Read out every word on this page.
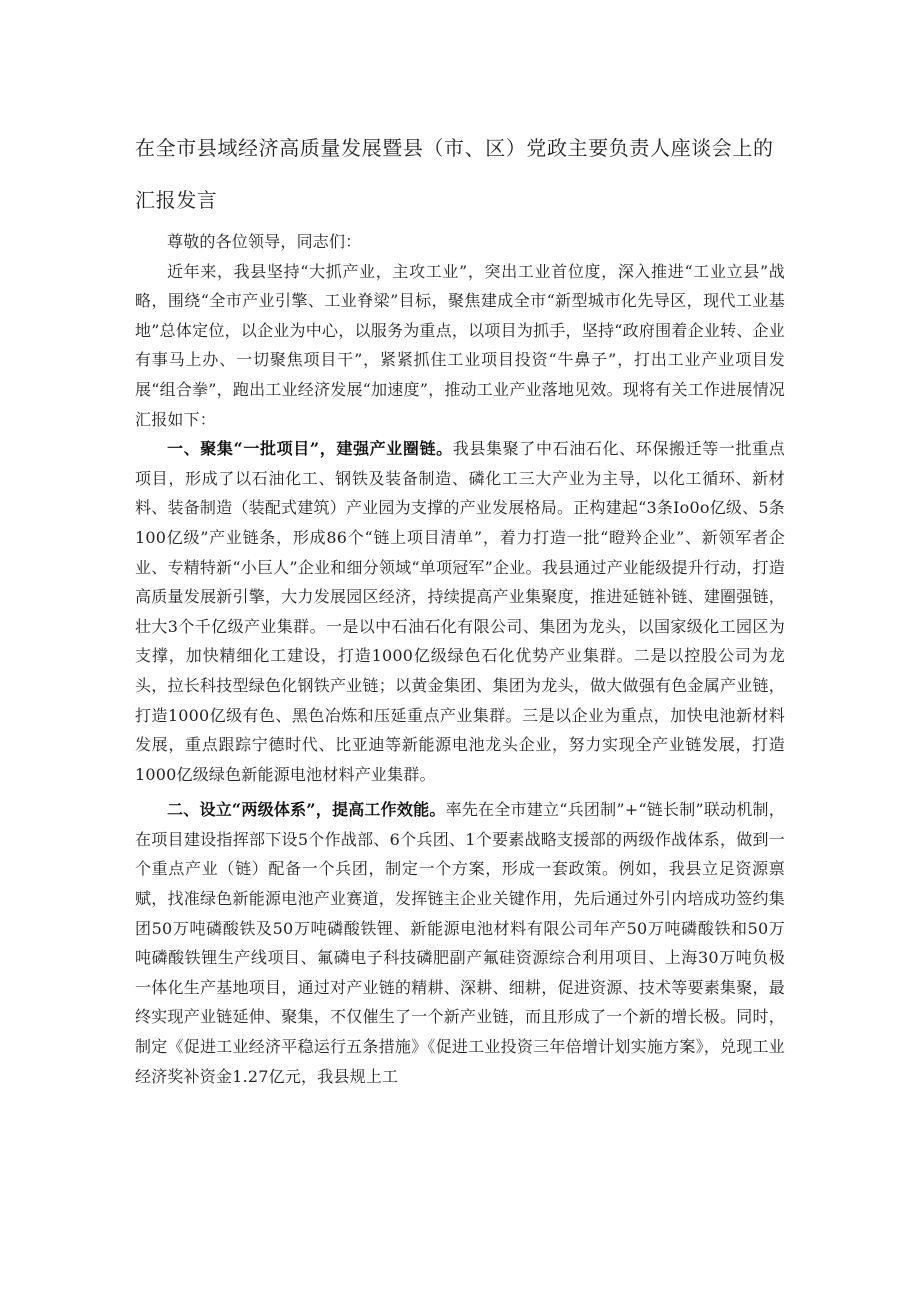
在全市县域经济高质量发展暨县（市、区）党政主要负责人座谈会上的汇报发言

尊敬的各位领导，同志们：

近年来，我县坚持“大抓产业，主攻工业”，突出工业首位度，深入推进“工业立县”战略，围绕“全市产业引擎、工业脊梁”目标，聚焦建成全市“新型城市化先导区，现代工业基地”总体定位，以企业为中心，以服务为重点，以项目为抓手，坚持“政府围着企业转、企业有事马上办、一切聚焦项目干”，紧紧抓住工业项目投资“牛鼻子”，打出工业产业项目发展“组合拳”，跑出工业经济发展“加速度”，推动工业产业落地见效。现将有关工作进展情况汇报如下：

一、聚集“一批项目”，建强产业圈链。我县集聚了中石油石化、环保搬迁等一批重点项目，形成了以石油化工、钢铁及装备制造、磷化工三大产业为主导，以化工循环、新材料、装备制造（装配式建筑）产业园为支撑的产业发展格局。正构建起“3条Io0o亿级、5条100亿级”产业链条，形成86个“链上项目清单”，着力打造一批“瞪羚企业”、新领军者企业、专精特新“小巨人”企业和细分领域“单项冠军”企业。我县通过产业能级提升行动，打造高质量发展新引擎，大力发展园区经济，持续提高产业集聚度，推进延链补链、建圈强链，壮大3个千亿级产业集群。一是以中石油石化有限公司、集团为龙头，以国家级化工园区为支撑，加快精细化工建设，打造1000亿级绿色石化优势产业集群。二是以控股公司为龙头，拉长科技型绿色化钢铁产业链；以黄金集团、集团为龙头，做大做强有色金属产业链，打造1000亿级有色、黑色冶炼和压延重点产业集群。三是以企业为重点，加快电池新材料发展，重点跟踪宁德时代、比亚迪等新能源电池龙头企业，努力实现全产业链发展，打造1000亿级绿色新能源电池材料产业集群。

二、设立“两级体系”，提高工作效能。率先在全市建立“兵团制”+“链长制”联动机制，在项目建设指挥部下设5个作战部、6个兵团、1个要素战略支援部的两级作战体系，做到一个重点产业（链）配备一个兵团，制定一个方案，形成一套政策。例如，我县立足资源禀赋，找准绿色新能源电池产业赛道，发挥链主企业关键作用，先后通过外引内培成功签约集团50万吨磷酸铁及50万吨磷酸铁锂、新能源电池材料有限公司年产50万吨磷酸铁和50万吨磷酸铁锂生产线项目、氟磷电子科技磷肥副产氟硅资源综合利用项目、上海30万吨负极一体化生产基地项目，通过对产业链的精耕、深耕、细耕，促进资源、技术等要素集聚，最终实现产业链延伸、聚集，不仅催生了一个新产业链，而且形成了一个新的增长极。同时，制定《促进工业经济平稳运行五条措施》《促进工业投资三年倍增计划实施方案》，兑现工业经济奖补资金1.27亿元，我县规上工
